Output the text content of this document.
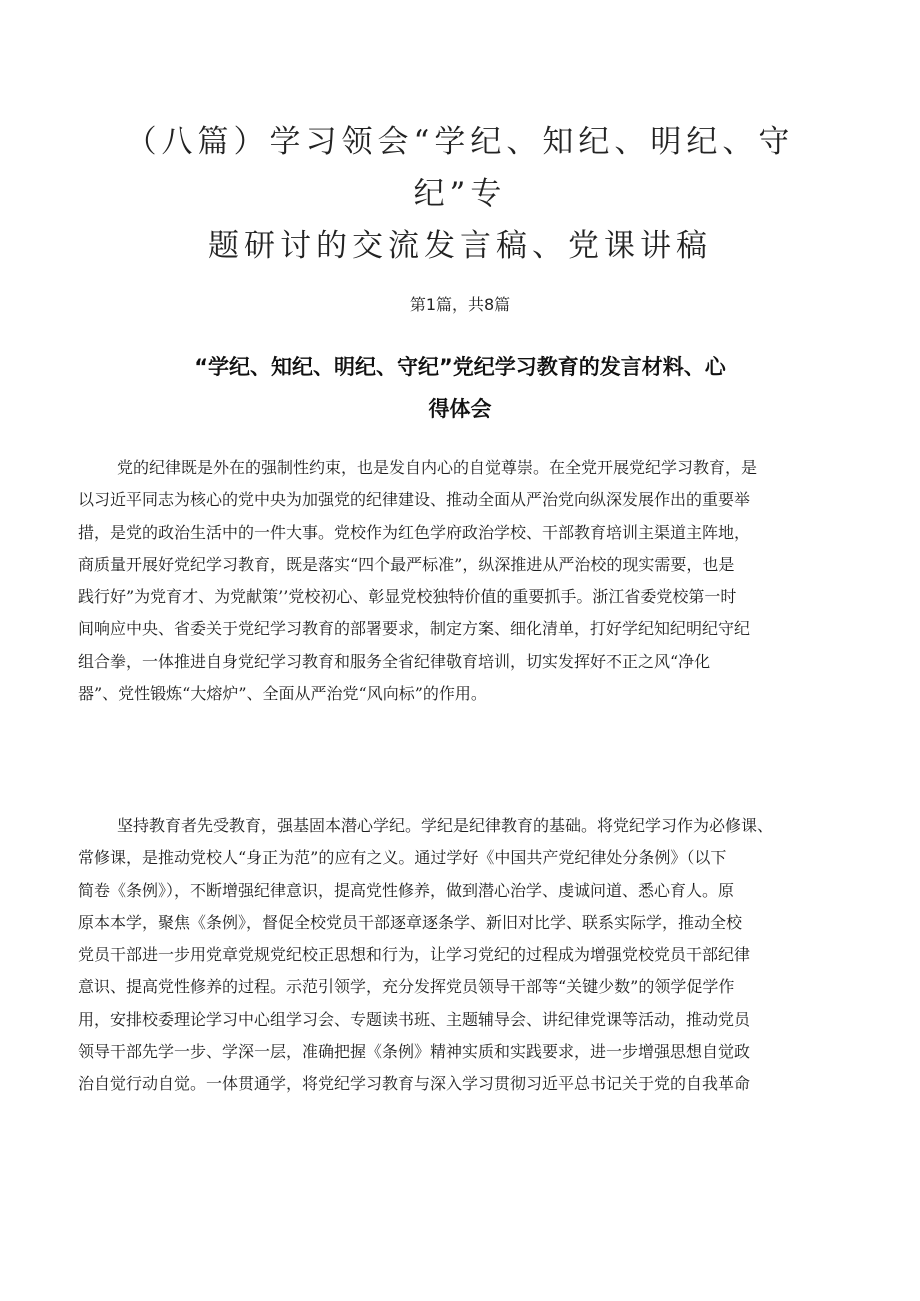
（八篇）学习领会“学纪、知纪、明纪、守纪”专
题研讨的交流发言稿、党课讲稿
第1篇，共8篇
“学纪、知纪、明纪、守纪”党纪学习教育的发言材料、心
得体会
党的纪律既是外在的强制性约束，也是发自内心的自觉尊崇。在全党开展党纪学习教育，是
以习近平同志为核心的党中央为加强党的纪律建设、推动全面从严治党向纵深发展作出的重要举
措，是党的政治生活中的一件大事。党校作为红色学府政治学校、干部教育培训主渠道主阵地，
商质量开展好党纪学习教育，既是落实“四个最严标准”，纵深推进从严治校的现实需要，也是
践行好”为党育才、为党献策’’党校初心、彰显党校独特价值的重要抓手。浙江省委党校第一时
间响应中央、省委关于党纪学习教育的部署要求，制定方案、细化清单，打好学纪知纪明纪守纪
组合拳，一体推进自身党纪学习教育和服务全省纪律敬育培训，切实发挥好不正之风“净化
器”、党性锻炼“大熔炉”、全面从严治党“风向标”的作用。
坚持教育者先受教育，强基固本潜心学纪。学纪是纪律教育的基础。将党纪学习作为必修课、
常修课，是推动党校人“身正为范”的应有之义。通过学好《中国共产党纪律处分条例》（以下
简卷《条例》），不断增强纪律意识，提高党性修养，做到潜心治学、虔诚问道、悉心育人。原
原本本学，聚焦《条例》，督促全校党员干部逐章逐条学、新旧对比学、联系实际学，推动全校
党员干部进一步用党章党规党纪校正思想和行为，让学习党纪的过程成为增强党校党员干部纪律
意识、提高党性修养的过程。示范引领学，充分发挥党员领导干部等“关键少数”的领学促学作
用，安排校委理论学习中心组学习会、专题读书班、主题辅导会、讲纪律党课等活动，推动党员
领导干部先学一步、学深一层，准确把握《条例》精神实质和实践要求，进一步增强思想自觉政
治自觉行动自觉。一体贯通学，将党纪学习教育与深入学习贯彻习近平总书记关于党的自我革命
